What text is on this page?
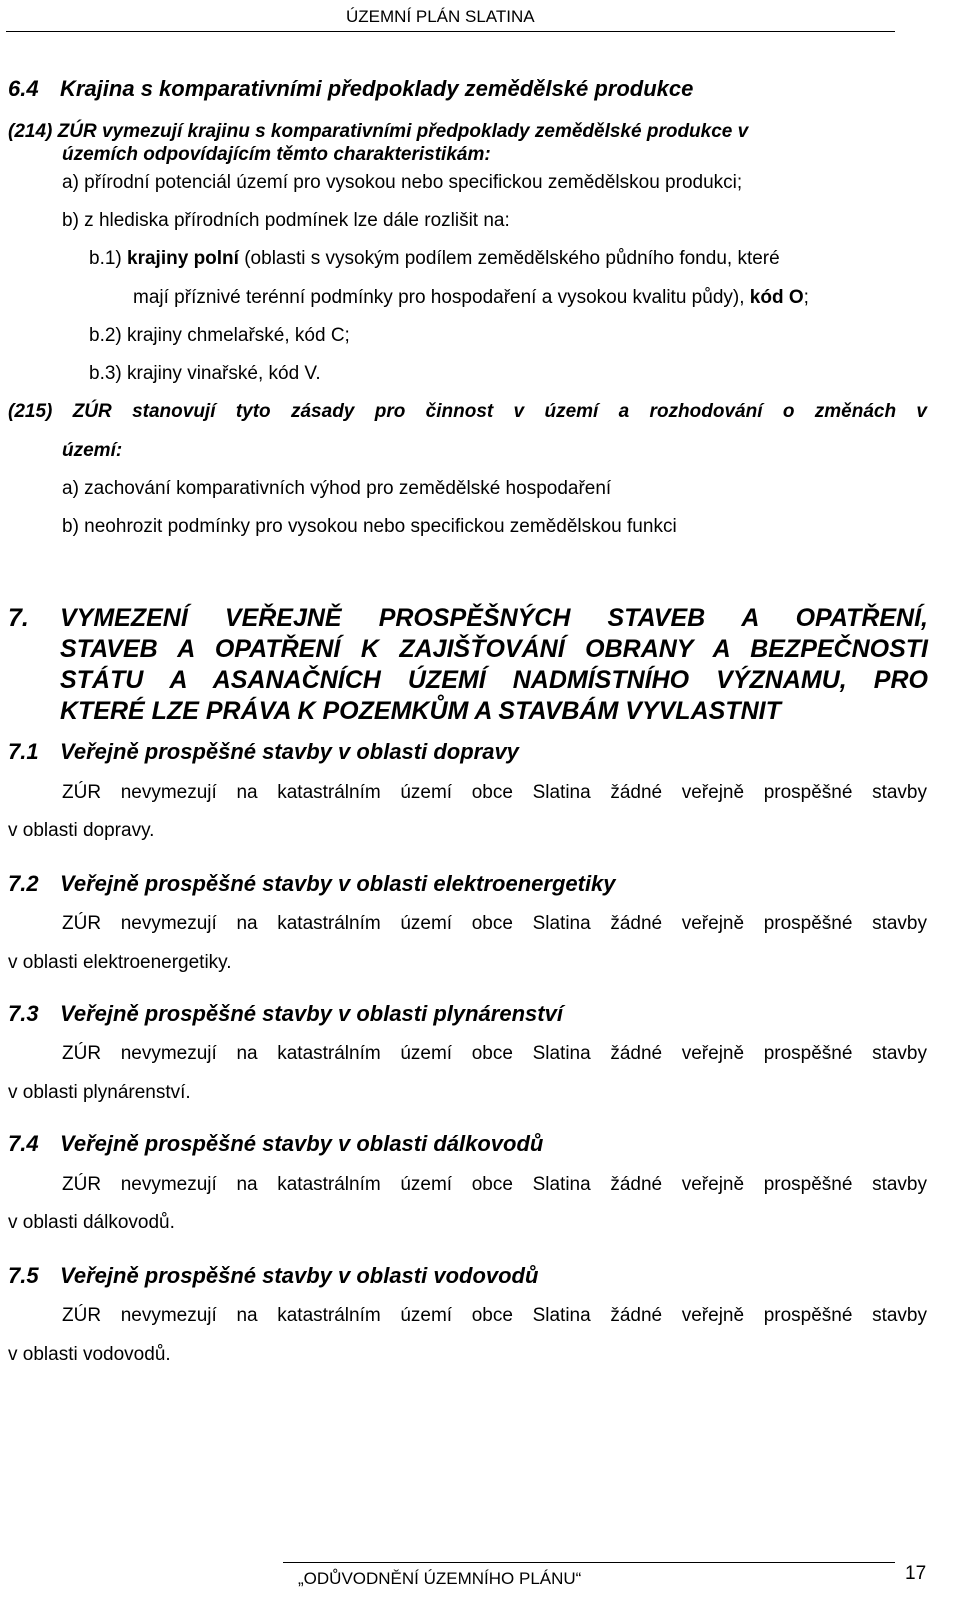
ÚZEMNÍ PLÁN SLATINA
6.4 Krajina s komparativními předpoklady zemědělské produkce
(214) ZÚR vymezují krajinu s komparativními předpoklady zemědělské produkce v
územích odpovídajícím těmto charakteristikám:
a) přírodní potenciál území pro vysokou nebo specifickou zemědělskou produkci;
b) z hlediska přírodních podmínek lze dále rozlišit na:
b.1) krajiny polní (oblasti s vysokým podílem zemědělského půdního fondu, které
mají příznivé terénní podmínky pro hospodaření a vysokou kvalitu půdy), kód O;
b.2) krajiny chmelařské, kód C;
b.3) krajiny vinařské, kód V.
(215) ZÚR stanovují tyto zásady pro činnost v území a rozhodování o změnách v
území:
a) zachování komparativních výhod pro zemědělské hospodaření
b) neohrozit podmínky pro vysokou nebo specifickou zemědělskou funkci
7. VYMEZENÍ VEŘEJNĚ PROSPĚŠNÝCH STAVEB A OPATŘENÍ,
STAVEB A OPATŘENÍ K ZAJIŠŤOVÁNÍ OBRANY A BEZPEČNOSTI
STÁTU A ASANAČNÍCH ÚZEMÍ NADMÍSTNÍHO VÝZNAMU, PRO
KTERÉ LZE PRÁVA K POZEMKŮM A STAVBÁM VYVLASTNIT
7.1 Veřejně prospěšné stavby v oblasti dopravy
ZÚR nevymezují na katastrálním území obce Slatina žádné veřejně prospěšné stavby
v oblasti dopravy.
7.2 Veřejně prospěšné stavby v oblasti elektroenergetiky
ZÚR nevymezují na katastrálním území obce Slatina žádné veřejně prospěšné stavby
v oblasti elektroenergetiky.
7.3 Veřejně prospěšné stavby v oblasti plynárenství
ZÚR nevymezují na katastrálním území obce Slatina žádné veřejně prospěšné stavby
v oblasti plynárenství.
7.4 Veřejně prospěšné stavby v oblasti dálkovodů
ZÚR nevymezují na katastrálním území obce Slatina žádné veřejně prospěšné stavby
v oblasti dálkovodů.
7.5 Veřejně prospěšné stavby v oblasti vodovodů
ZÚR nevymezují na katastrálním území obce Slatina žádné veřejně prospěšné stavby
v oblasti vodovodů.
„ODŮVODNĚNÍ ÚZEMNÍHO PLÁNU“	17
